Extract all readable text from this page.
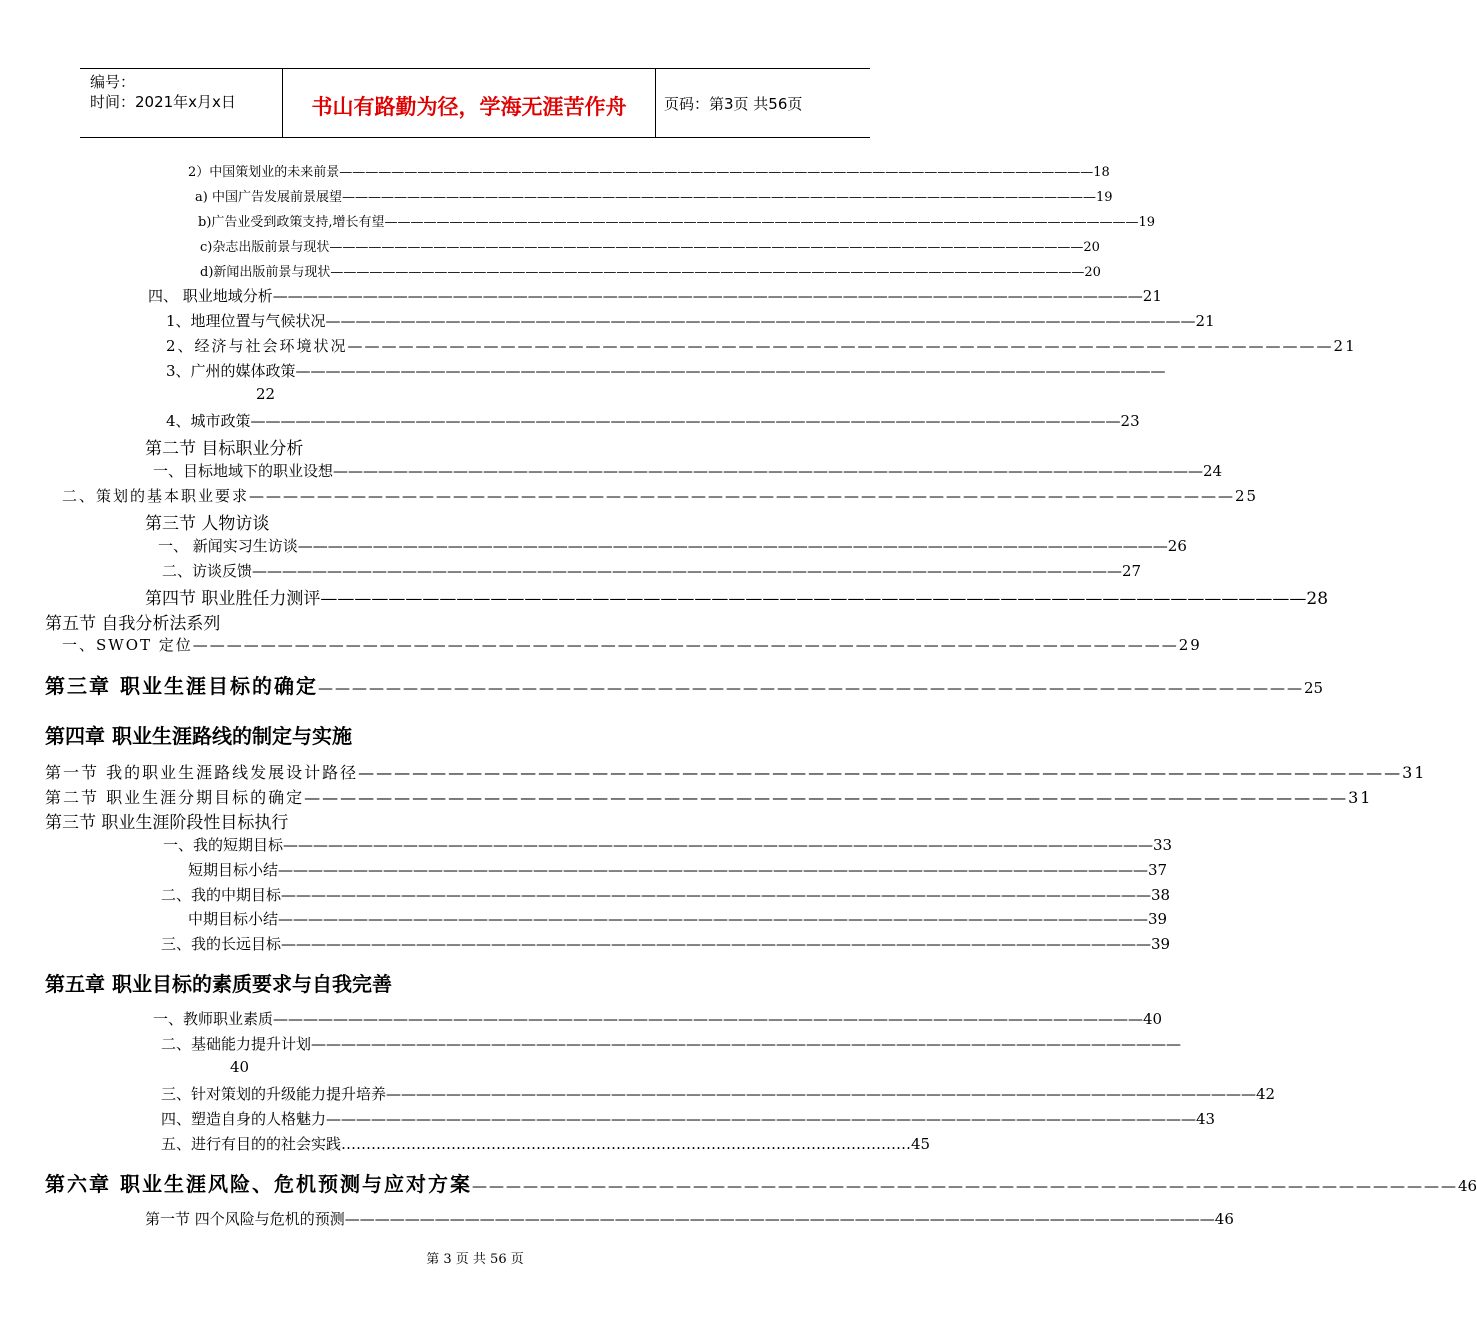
编号：
时间：2021年x月x日	书山有路勤为径，学海无涯苦作舟	页码：第3页 共56页
2）中国策划业的未来前景 —————————————————————————————————————————————————————————— 18
a) 中国广告发展前景展望 —————————————————————————————————————————————————————————— 19
b)广告业受到政策支持,增长有望 —————————————————————————————————————————————————————————— 19
c)杂志出版前景与现状 —————————————————————————————————————————————————————————— 20
d)新闻出版前景与现状 —————————————————————————————————————————————————————————— 20
四、 职业地域分析 —————————————————————————————————————————————————————————— 21
1、地理位置与气候状况 —————————————————————————————————————————————————————————— 21
2、经济与社会环境状况 —————————————————————————————————————————————————————————— 21
3、广州的媒体政策 ——————————————————————————————————————————————————————————
22
4、城市政策 —————————————————————————————————————————————————————————— 23
第二节 目标职业分析
一、目标地域下的职业设想 —————————————————————————————————————————————————————————— 24
二、策划的基本职业要求 —————————————————————————————————————————————————————————— 25
第三节 人物访谈
一、 新闻实习生访谈 —————————————————————————————————————————————————————————— 26
二、访谈反馈 —————————————————————————————————————————————————————————— 27
第四节 职业胜任力测评 —————————————————————————————————————————————————————————— 28
第五节 自我分析法系列
一、SWOT 定位 —————————————————————————————————————————————————————————— 29
第三章 职业生涯目标的确定 —————————————————————————————————————————————————————————— 25
第四章 职业生涯路线的制定与实施
第一节 我的职业生涯路线发展设计路径 —————————————————————————————————————————————————————————— 31
第二节 职业生涯分期目标的确定 —————————————————————————————————————————————————————————— 31
第三节 职业生涯阶段性目标执行
一、我的短期目标 —————————————————————————————————————————————————————————— 33
短期目标小结 —————————————————————————————————————————————————————————— 37
二、我的中期目标 —————————————————————————————————————————————————————————— 38
中期目标小结 —————————————————————————————————————————————————————————— 39
三、我的长远目标 —————————————————————————————————————————————————————————— 39
第五章 职业目标的素质要求与自我完善
一、教师职业素质 —————————————————————————————————————————————————————————— 40
二、基础能力提升计划 ——————————————————————————————————————————————————————————
40
三、针对策划的升级能力提升培养 —————————————————————————————————————————————————————————— 42
四、塑造自身的人格魅力 —————————————————————————————————————————————————————————— 43
五、进行有目的的社会实践 …………………………………………………………………………………………………… 45
第六章 职业生涯风险、危机预测与应对方案 —————————————————————————————————————————————————————————— 46
第一节 四个风险与危机的预测 —————————————————————————————————————————————————————————— 46
第 3 页 共 56 页
